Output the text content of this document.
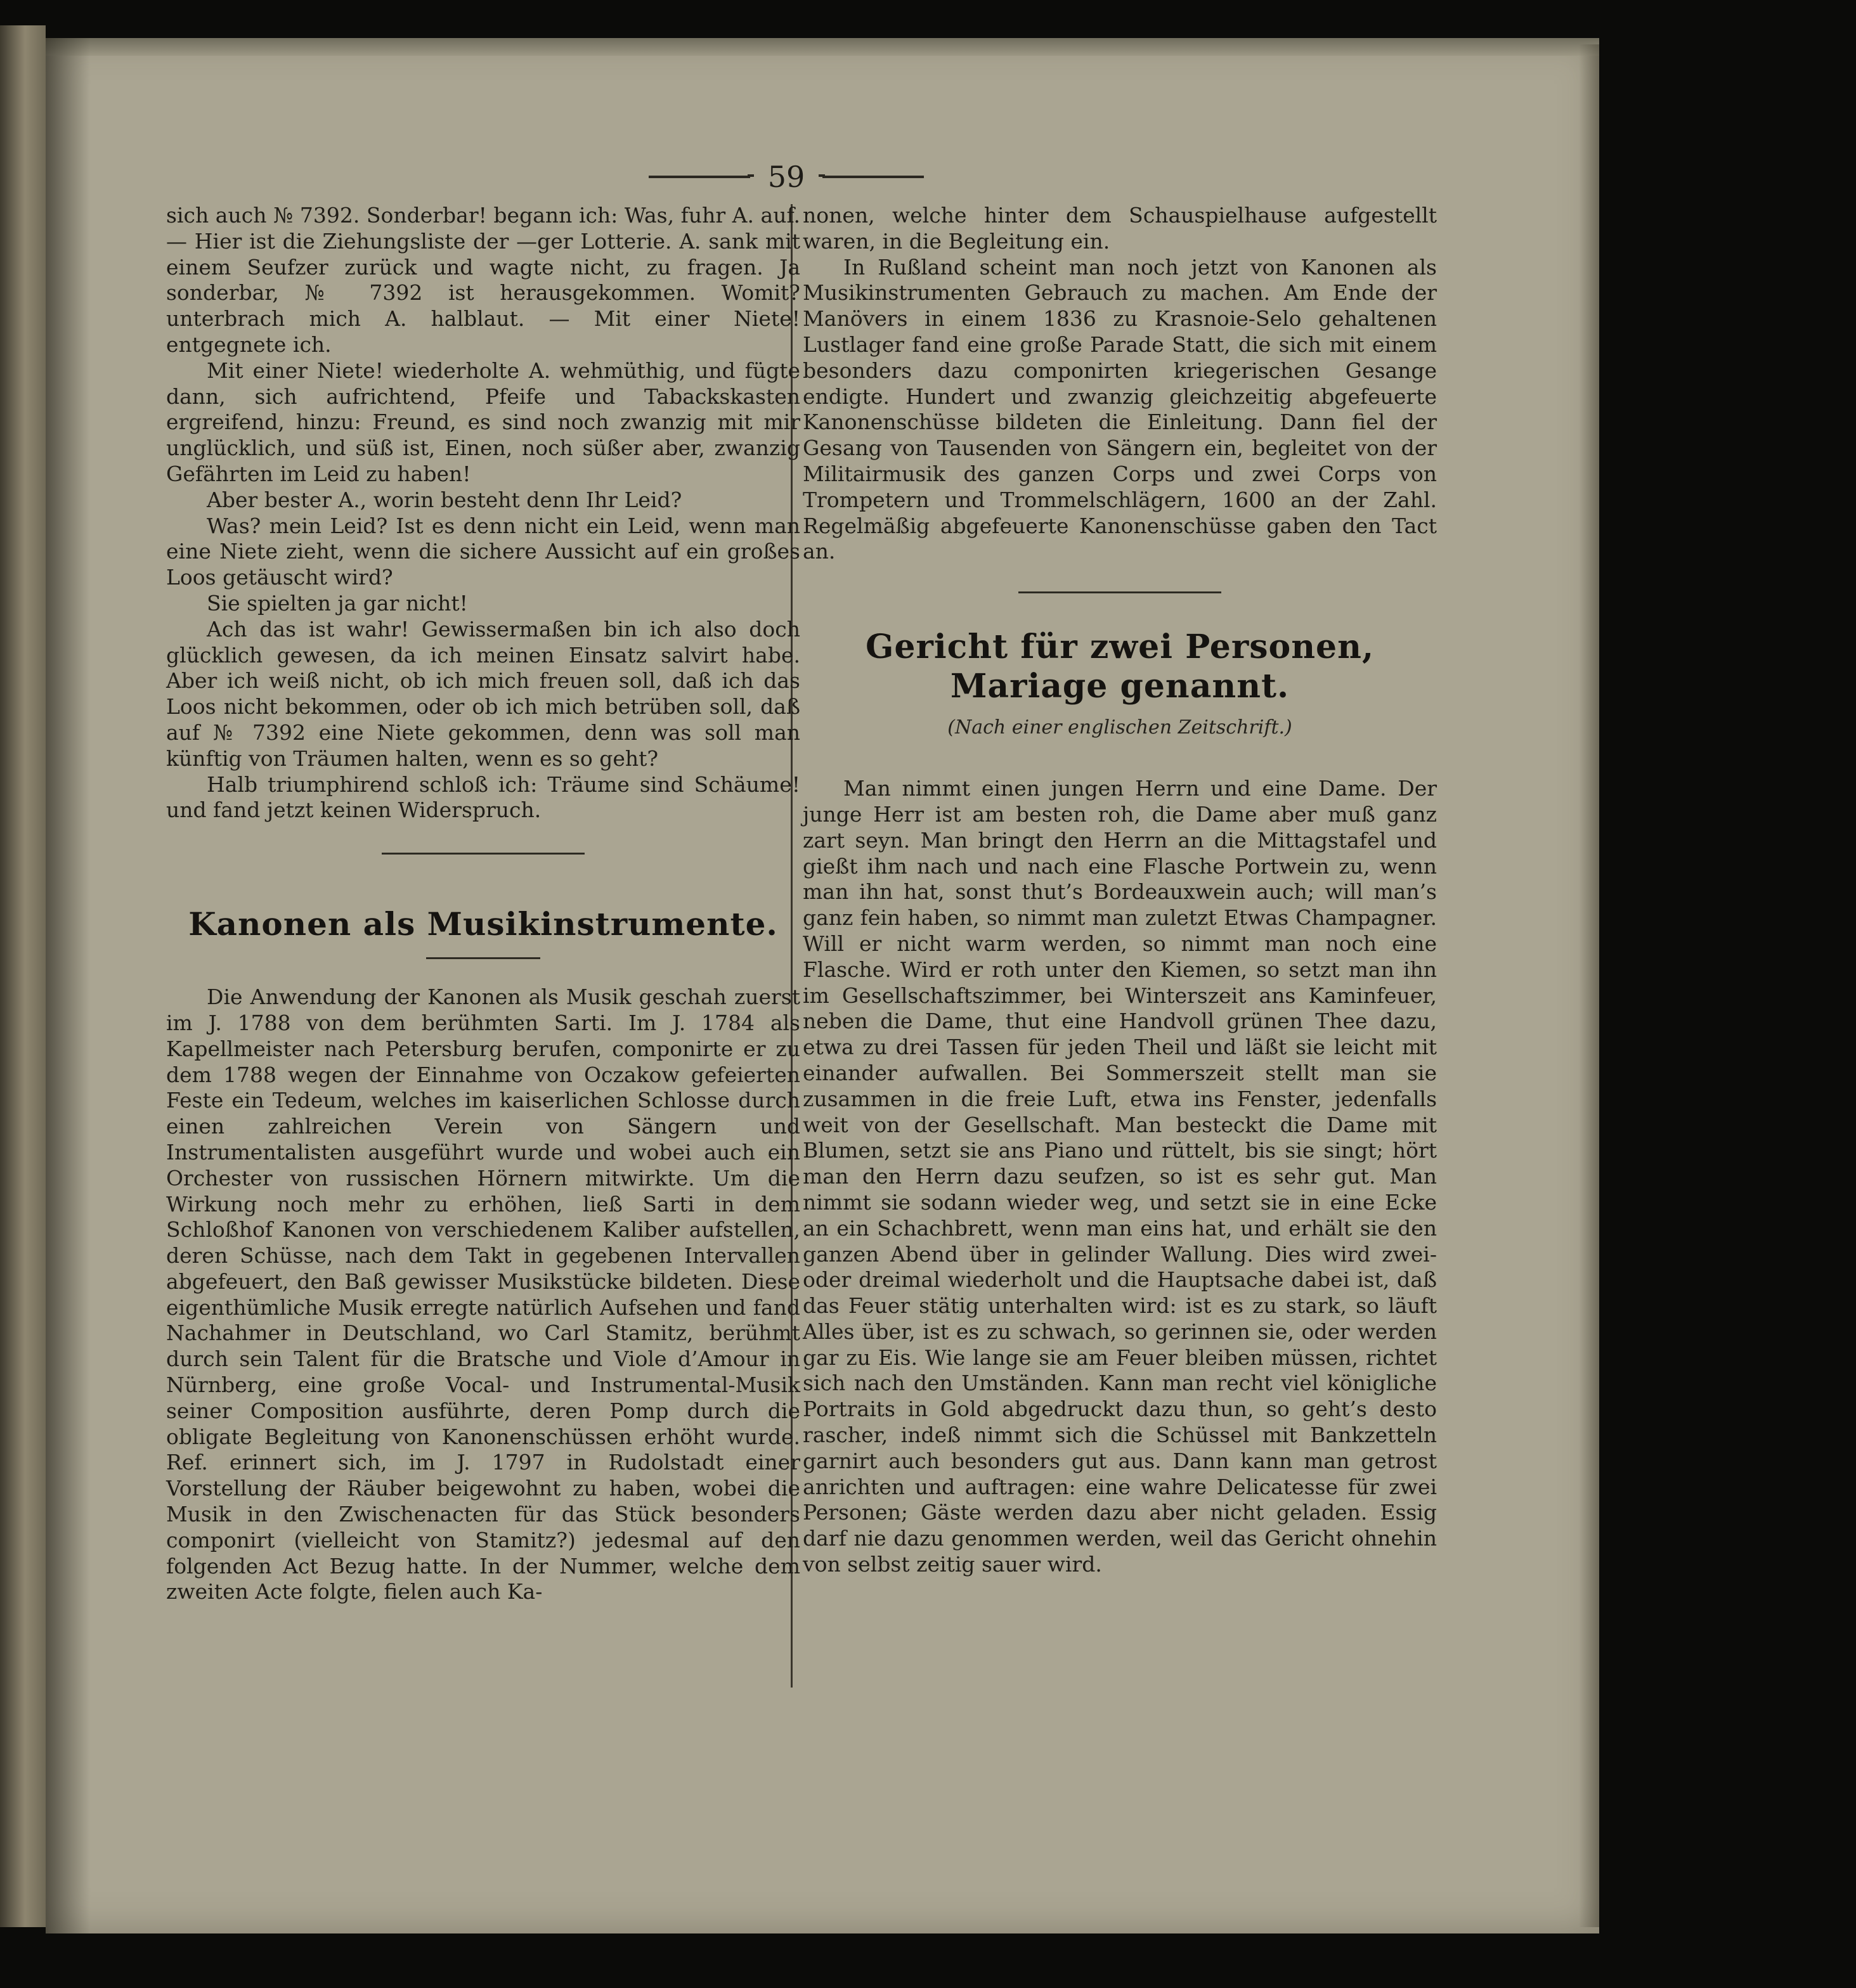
59

sich auch № 7392. Sonderbar! begann ich: Was, fuhr A. auf. — Hier ist die Ziehungsliste der —ger Lotterie. A. sank mit einem Seufzer zurück und wagte nicht, zu fragen. Ja sonderbar, № 7392 ist herausgekommen. Womit? unterbrach mich A. halblaut. — Mit einer Niete! entgegnete ich.

Mit einer Niete! wiederholte A. wehmüthig, und fügte dann, sich aufrichtend, Pfeife und Tabackskasten ergreifend, hinzu: Freund, es sind noch zwanzig mit mir unglücklich, und süß ist, Einen, noch süßer aber, zwanzig Gefährten im Leid zu haben!

Aber bester A., worin besteht denn Ihr Leid?

Was? mein Leid? Ist es denn nicht ein Leid, wenn man eine Niete zieht, wenn die sichere Aussicht auf ein großes Loos getäuscht wird?

Sie spielten ja gar nicht!

Ach das ist wahr! Gewissermaßen bin ich also doch glücklich gewesen, da ich meinen Einsatz salvirt habe. Aber ich weiß nicht, ob ich mich freuen soll, daß ich das Loos nicht bekommen, oder ob ich mich betrüben soll, daß auf № 7392 eine Niete gekommen, denn was soll man künftig von Träumen halten, wenn es so geht?

Halb triumphirend schloß ich: Träume sind Schäume! und fand jetzt keinen Widerspruch.

Kanonen als Musikinstrumente.

Die Anwendung der Kanonen als Musik geschah zuerst im J. 1788 von dem berühmten Sarti. Im J. 1784 als Kapellmeister nach Petersburg berufen, componirte er zu dem 1788 wegen der Einnahme von Oczakow gefeierten Feste ein Tedeum, welches im kaiserlichen Schlosse durch einen zahlreichen Verein von Sängern und Instrumentalisten ausgeführt wurde und wobei auch ein Orchester von russischen Hörnern mitwirkte. Um die Wirkung noch mehr zu erhöhen, ließ Sarti in dem Schloßhof Kanonen von verschiedenem Kaliber aufstellen, deren Schüsse, nach dem Takt in gegebenen Intervallen abgefeuert, den Baß gewisser Musikstücke bildeten. Diese eigenthümliche Musik erregte natürlich Aufsehen und fand Nachahmer in Deutschland, wo Carl Stamitz, berühmt durch sein Talent für die Bratsche und Viole d’Amour in Nürnberg, eine große Vocal- und Instrumental-Musik seiner Composition ausführte, deren Pomp durch die obligate Begleitung von Kanonenschüssen erhöht wurde. Ref. erinnert sich, im J. 1797 in Rudolstadt einer Vorstellung der Räuber beigewohnt zu haben, wobei die Musik in den Zwischenacten für das Stück besonders componirt (vielleicht von Stamitz?) jedesmal auf den folgenden Act Bezug hatte. In der Nummer, welche dem zweiten Acte folgte, fielen auch Ka-

nonen, welche hinter dem Schauspielhause aufgestellt waren, in die Begleitung ein.

In Rußland scheint man noch jetzt von Kanonen als Musikinstrumenten Gebrauch zu machen. Am Ende der Manövers in einem 1836 zu Krasnoie-Selo gehaltenen Lustlager fand eine große Parade Statt, die sich mit einem besonders dazu componirten kriegerischen Gesange endigte. Hundert und zwanzig gleichzeitig abgefeuerte Kanonenschüsse bildeten die Einleitung. Dann fiel der Gesang von Tausenden von Sängern ein, begleitet von der Militairmusik des ganzen Corps und zwei Corps von Trompetern und Trommelschlägern, 1600 an der Zahl. Regelmäßig abgefeuerte Kanonenschüsse gaben den Tact an.

Gericht für zwei Personen, Mariage genannt.
(Nach einer englischen Zeitschrift.)

Man nimmt einen jungen Herrn und eine Dame. Der junge Herr ist am besten roh, die Dame aber muß ganz zart seyn. Man bringt den Herrn an die Mittagstafel und gießt ihm nach und nach eine Flasche Portwein zu, wenn man ihn hat, sonst thut’s Bordeauxwein auch; will man’s ganz fein haben, so nimmt man zuletzt Etwas Champagner. Will er nicht warm werden, so nimmt man noch eine Flasche. Wird er roth unter den Kiemen, so setzt man ihn im Gesellschaftszimmer, bei Winterszeit ans Kaminfeuer, neben die Dame, thut eine Handvoll grünen Thee dazu, etwa zu drei Tassen für jeden Theil und läßt sie leicht mit einander aufwallen. Bei Sommerszeit stellt man sie zusammen in die freie Luft, etwa ins Fenster, jedenfalls weit von der Gesellschaft. Man besteckt die Dame mit Blumen, setzt sie ans Piano und rüttelt, bis sie singt; hört man den Herrn dazu seufzen, so ist es sehr gut. Man nimmt sie sodann wieder weg, und setzt sie in eine Ecke an ein Schachbrett, wenn man eins hat, und erhält sie den ganzen Abend über in gelinder Wallung. Dies wird zwei- oder dreimal wiederholt und die Hauptsache dabei ist, daß das Feuer stätig unterhalten wird: ist es zu stark, so läuft Alles über, ist es zu schwach, so gerinnen sie, oder werden gar zu Eis. Wie lange sie am Feuer bleiben müssen, richtet sich nach den Umständen. Kann man recht viel königliche Portraits in Gold abgedruckt dazu thun, so geht’s desto rascher, indeß nimmt sich die Schüssel mit Bankzetteln garnirt auch besonders gut aus. Dann kann man getrost anrichten und auftragen: eine wahre Delicatesse für zwei Personen; Gäste werden dazu aber nicht geladen. Essig darf nie dazu genommen werden, weil das Gericht ohnehin von selbst zeitig sauer wird.
